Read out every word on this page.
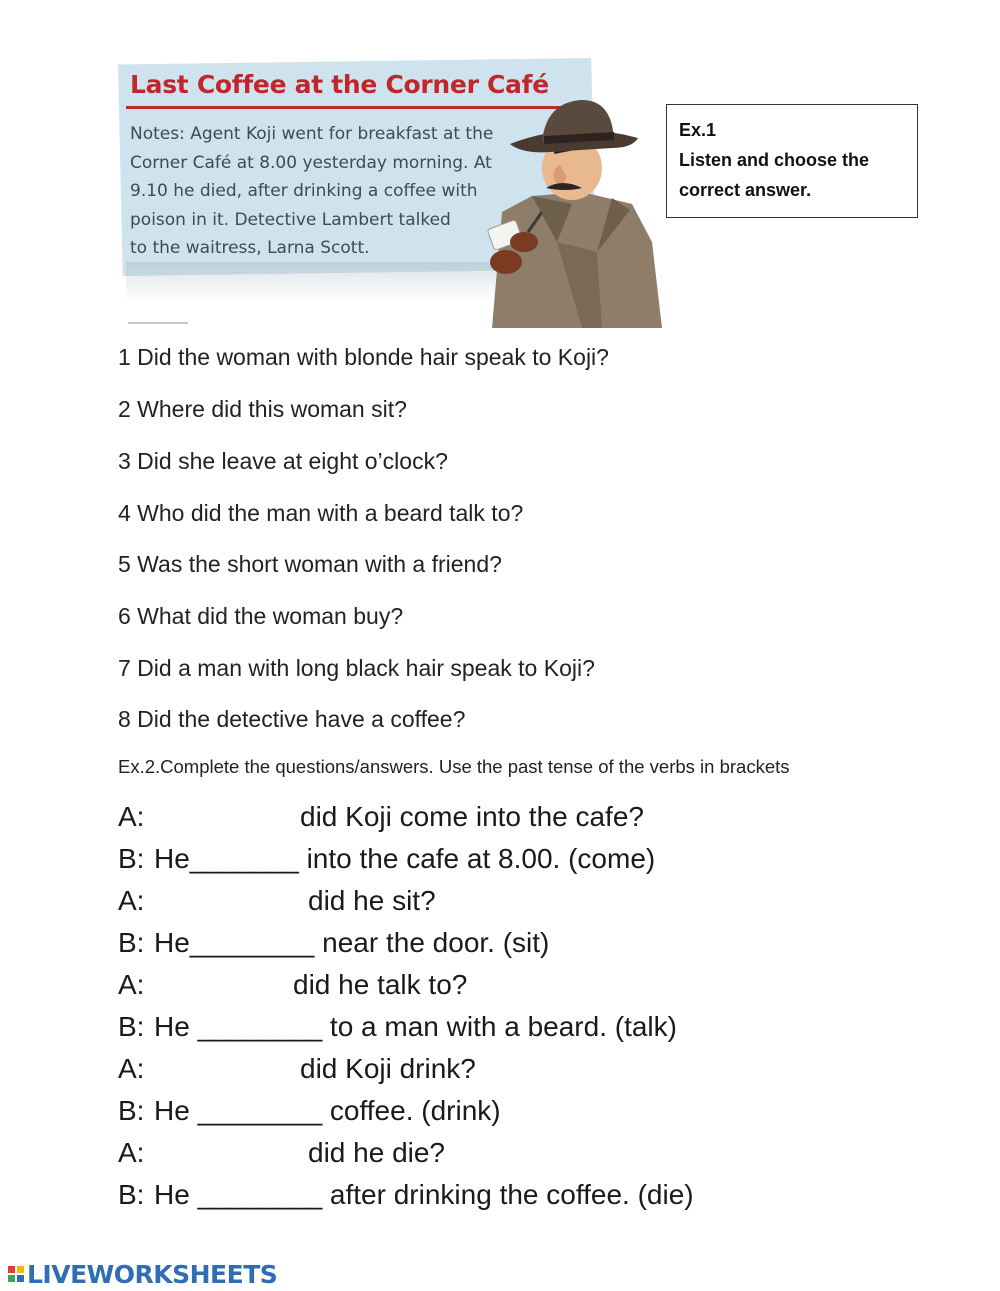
Last Coffee at the Corner Café
Notes: Agent Koji went for breakfast at the
Corner Café at 8.00 yesterday morning. At
9.10 he died, after drinking a coffee with
poison in it. Detective Lambert talked
to the waitress, Larna Scott.
Ex.1
Listen and choose the
correct answer.
1 Did the woman with blonde hair speak to Koji?
2 Where did this woman sit?
3 Did she leave at eight o’clock?
4 Who did the man with a beard talk to?
5 Was the short woman with a friend?
6 What did the woman buy?
7 Did a man with long black hair speak to Koji?
8 Did the detective have a coffee?
Ex.2.Complete the questions/answers. Use the past tense of the verbs in brackets
A:	did Koji come into the cafe?
B: He_______ into the cafe at 8.00. (come)
A:	did he sit?
B: He________ near the door. (sit)
A:	did he talk to?
B: He ________ to a man with a beard. (talk)
A:	did Koji drink?
B: He ________ coffee. (drink)
A:	did he die?
B: He ________ after drinking the coffee. (die)
LIVEWORKSHEETS
